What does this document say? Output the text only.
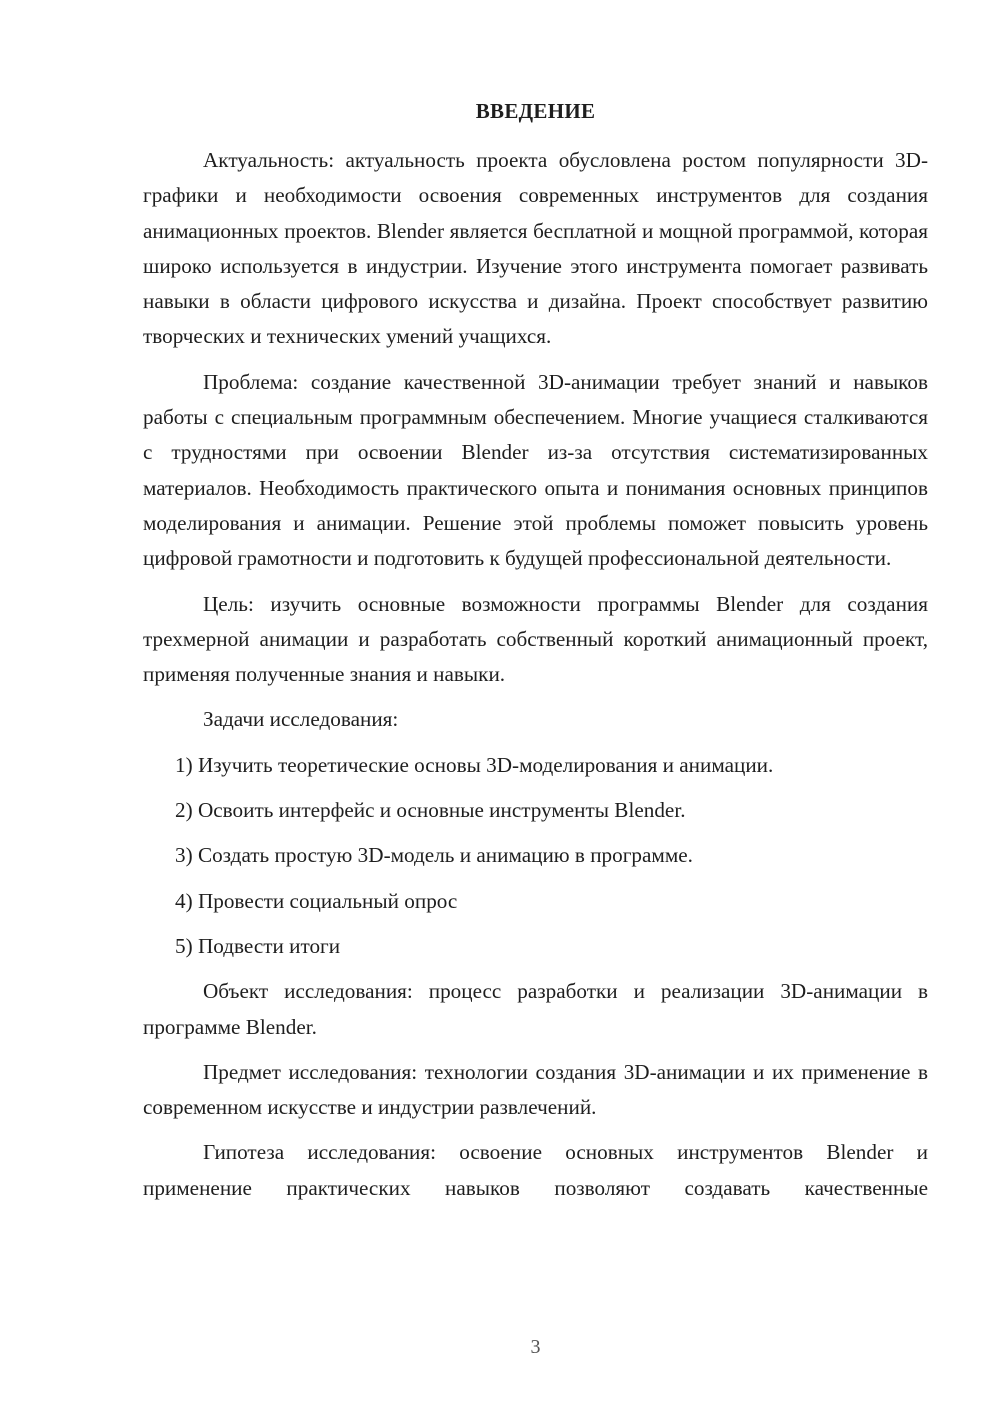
ВВЕДЕНИЕ

Актуальность: актуальность проекта обусловлена ростом популярности 3D-графики и необходимости освоения современных инструментов для создания анимационных проектов. Blender является бесплатной и мощной программой, которая широко используется в индустрии. Изучение этого инструмента помогает развивать навыки в области цифрового искусства и дизайна. Проект способствует развитию творческих и технических умений учащихся.

Проблема: создание качественной 3D-анимации требует знаний и навыков работы с специальным программным обеспечением. Многие учащиеся сталкиваются с трудностями при освоении Blender из-за отсутствия систематизированных материалов. Необходимость практического опыта и понимания основных принципов моделирования и анимации. Решение этой проблемы поможет повысить уровень цифровой грамотности и подготовить к будущей профессиональной деятельности.

Цель: изучить основные возможности программы Blender для создания трехмерной анимации и разработать собственный короткий анимационный проект, применяя полученные знания и навыки.

Задачи исследования:

1) Изучить теоретические основы 3D-моделирования и анимации.

2) Освоить интерфейс и основные инструменты Blender.

3) Создать простую 3D-модель и анимацию в программе.

4) Провести социальный опрос

5) Подвести итоги

Объект исследования: процесс разработки и реализации 3D-анимации в программе Blender.

Предмет исследования: технологии создания 3D-анимации и их применение в современном искусстве и индустрии развлечений.

Гипотеза исследования: освоение основных инструментов Blender и применение практических навыков позволяют создавать качественные

3
